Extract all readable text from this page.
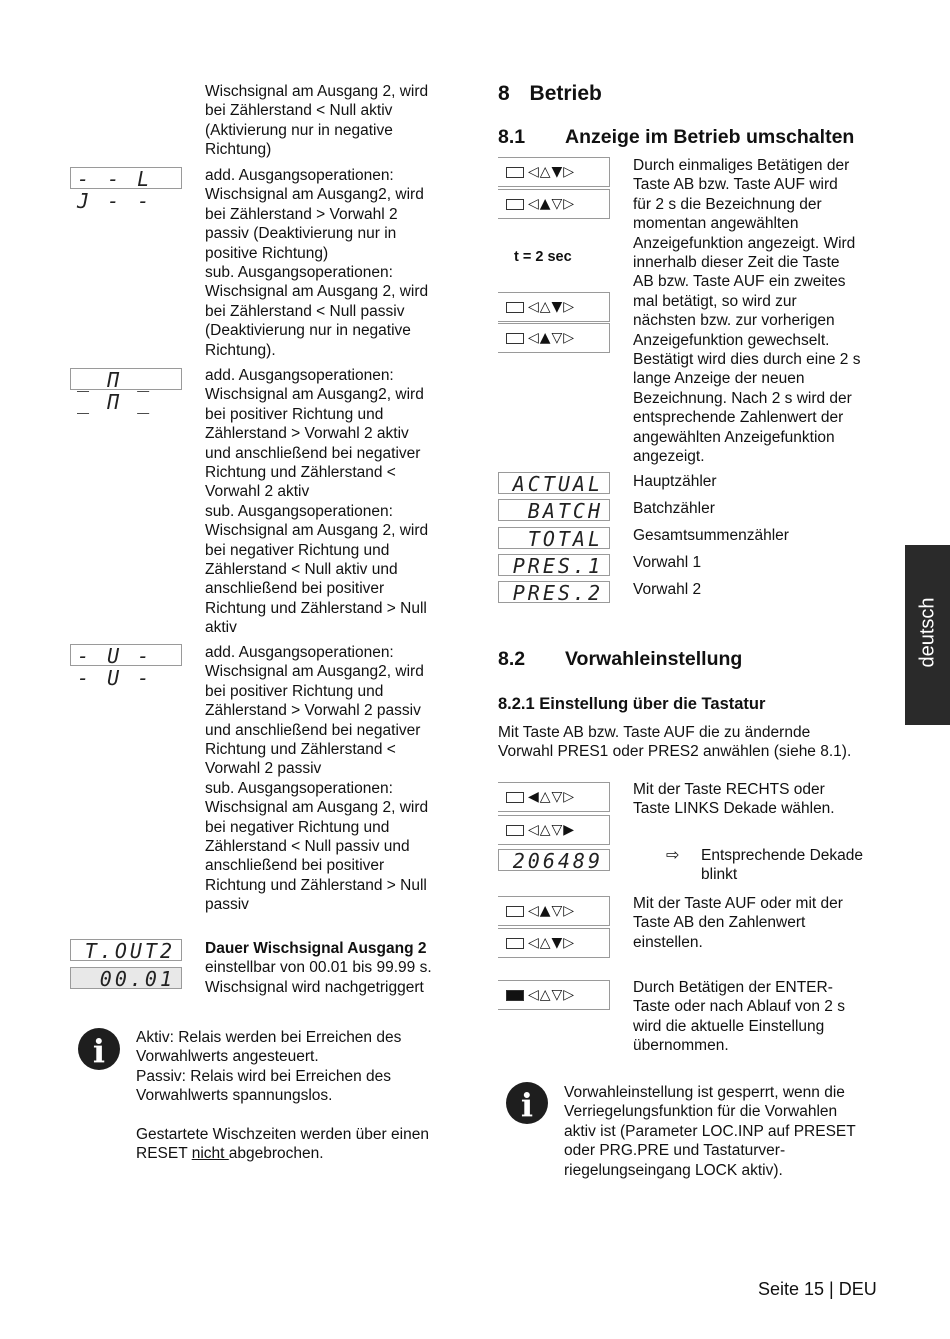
Wischsignal am Ausgang 2, wird
bei Zählerstand < Null aktiv
(Aktivierung nur in negative
Richtung)
- - L J - -
add. Ausgangsoperationen:
Wischsignal am Ausgang2, wird
bei Zählerstand > Vorwahl 2
passiv (Deaktivierung nur in
positive Richtung)
sub. Ausgangsoperationen:
Wischsignal am Ausgang 2, wird
bei Zählerstand < Null passiv
(Deaktivierung nur in negative
Richtung).
_ П _ _ П _
add. Ausgangsoperationen:
Wischsignal am Ausgang2, wird
bei positiver Richtung und
Zählerstand > Vorwahl 2 aktiv
und anschließend bei negativer
Richtung und Zählerstand <
Vorwahl 2 aktiv
sub. Ausgangsoperationen:
Wischsignal am Ausgang 2, wird
bei negativer Richtung und
Zählerstand < Null aktiv und
anschließend bei positiver
Richtung und Zählerstand > Null
aktiv
- U - - U -
add. Ausgangsoperationen:
Wischsignal am Ausgang2, wird
bei positiver Richtung und
Zählerstand > Vorwahl 2 passiv
und anschließend bei negativer
Richtung und Zählerstand <
Vorwahl 2 passiv
sub. Ausgangsoperationen:
Wischsignal am Ausgang 2, wird
bei negativer Richtung und
Zählerstand < Null passiv und
anschließend bei positiver
Richtung und Zählerstand > Null
passiv
T.OUT2
00.01
Dauer Wischsignal Ausgang 2
einstellbar von 00.01 bis 99.99 s.
Wischsignal wird nachgetriggert
i	Aktiv: Relais werden bei Erreichen des
Vorwahlwerts angesteuert.
Passiv: Relais wird bei Erreichen des
Vorwahlwerts spannungslos.
Gestartete Wischzeiten werden über einen
RESET nicht abgebrochen.
8 Betrieb
8.1 Anzeige im Betrieb umschalten
◁△▼▷
◁▲▽▷
t = 2 sec
◁△▼▷
◁▲▽▷
Durch einmaliges Betätigen der
Taste AB bzw. Taste AUF wird
für 2 s die Bezeichnung der
momentan angewählten
Anzeigefunktion angezeigt. Wird
innerhalb dieser Zeit die Taste
AB bzw. Taste AUF ein zweites
mal betätigt, so wird zur
nächsten bzw. zur vorherigen
Anzeigefunktion gewechselt.
Bestätigt wird dies durch eine 2 s
lange Anzeige der neuen
Bezeichnung. Nach 2 s wird der
entsprechende Zahlenwert der
angewählten Anzeigefunktion
angezeigt.
ACTUAL	Hauptzähler
BATCH	Batchzähler
TOTAL	Gesamtsummenzähler
PRES.1	Vorwahl 1
PRES.2	Vorwahl 2
8.2 Vorwahleinstellung
8.2.1 Einstellung über die Tastatur
Mit Taste AB bzw. Taste AUF die zu ändernde
Vorwahl PRES1 oder PRES2 anwählen (siehe 8.1).
◀△▽▷
◁△▽▶
206489
Mit der Taste RECHTS oder
Taste LINKS Dekade wählen.
⇨ Entsprechende Dekade
blinkt
◁▲▽▷
◁△▼▷
Mit der Taste AUF oder mit der
Taste AB den Zahlenwert
einstellen.
◁△▽▷	Durch Betätigen der ENTER-
Taste oder nach Ablauf von 2 s
wird die aktuelle Einstellung
übernommen.
i	Vorwahleinstellung ist gesperrt, wenn die
Verriegelungsfunktion für die Vorwahlen
aktiv ist (Parameter LOC.INP auf PRESET
oder PRG.PRE und Tastaturver-
riegelungseingang LOCK aktiv).
deutsch
Seite 15 | DEU
